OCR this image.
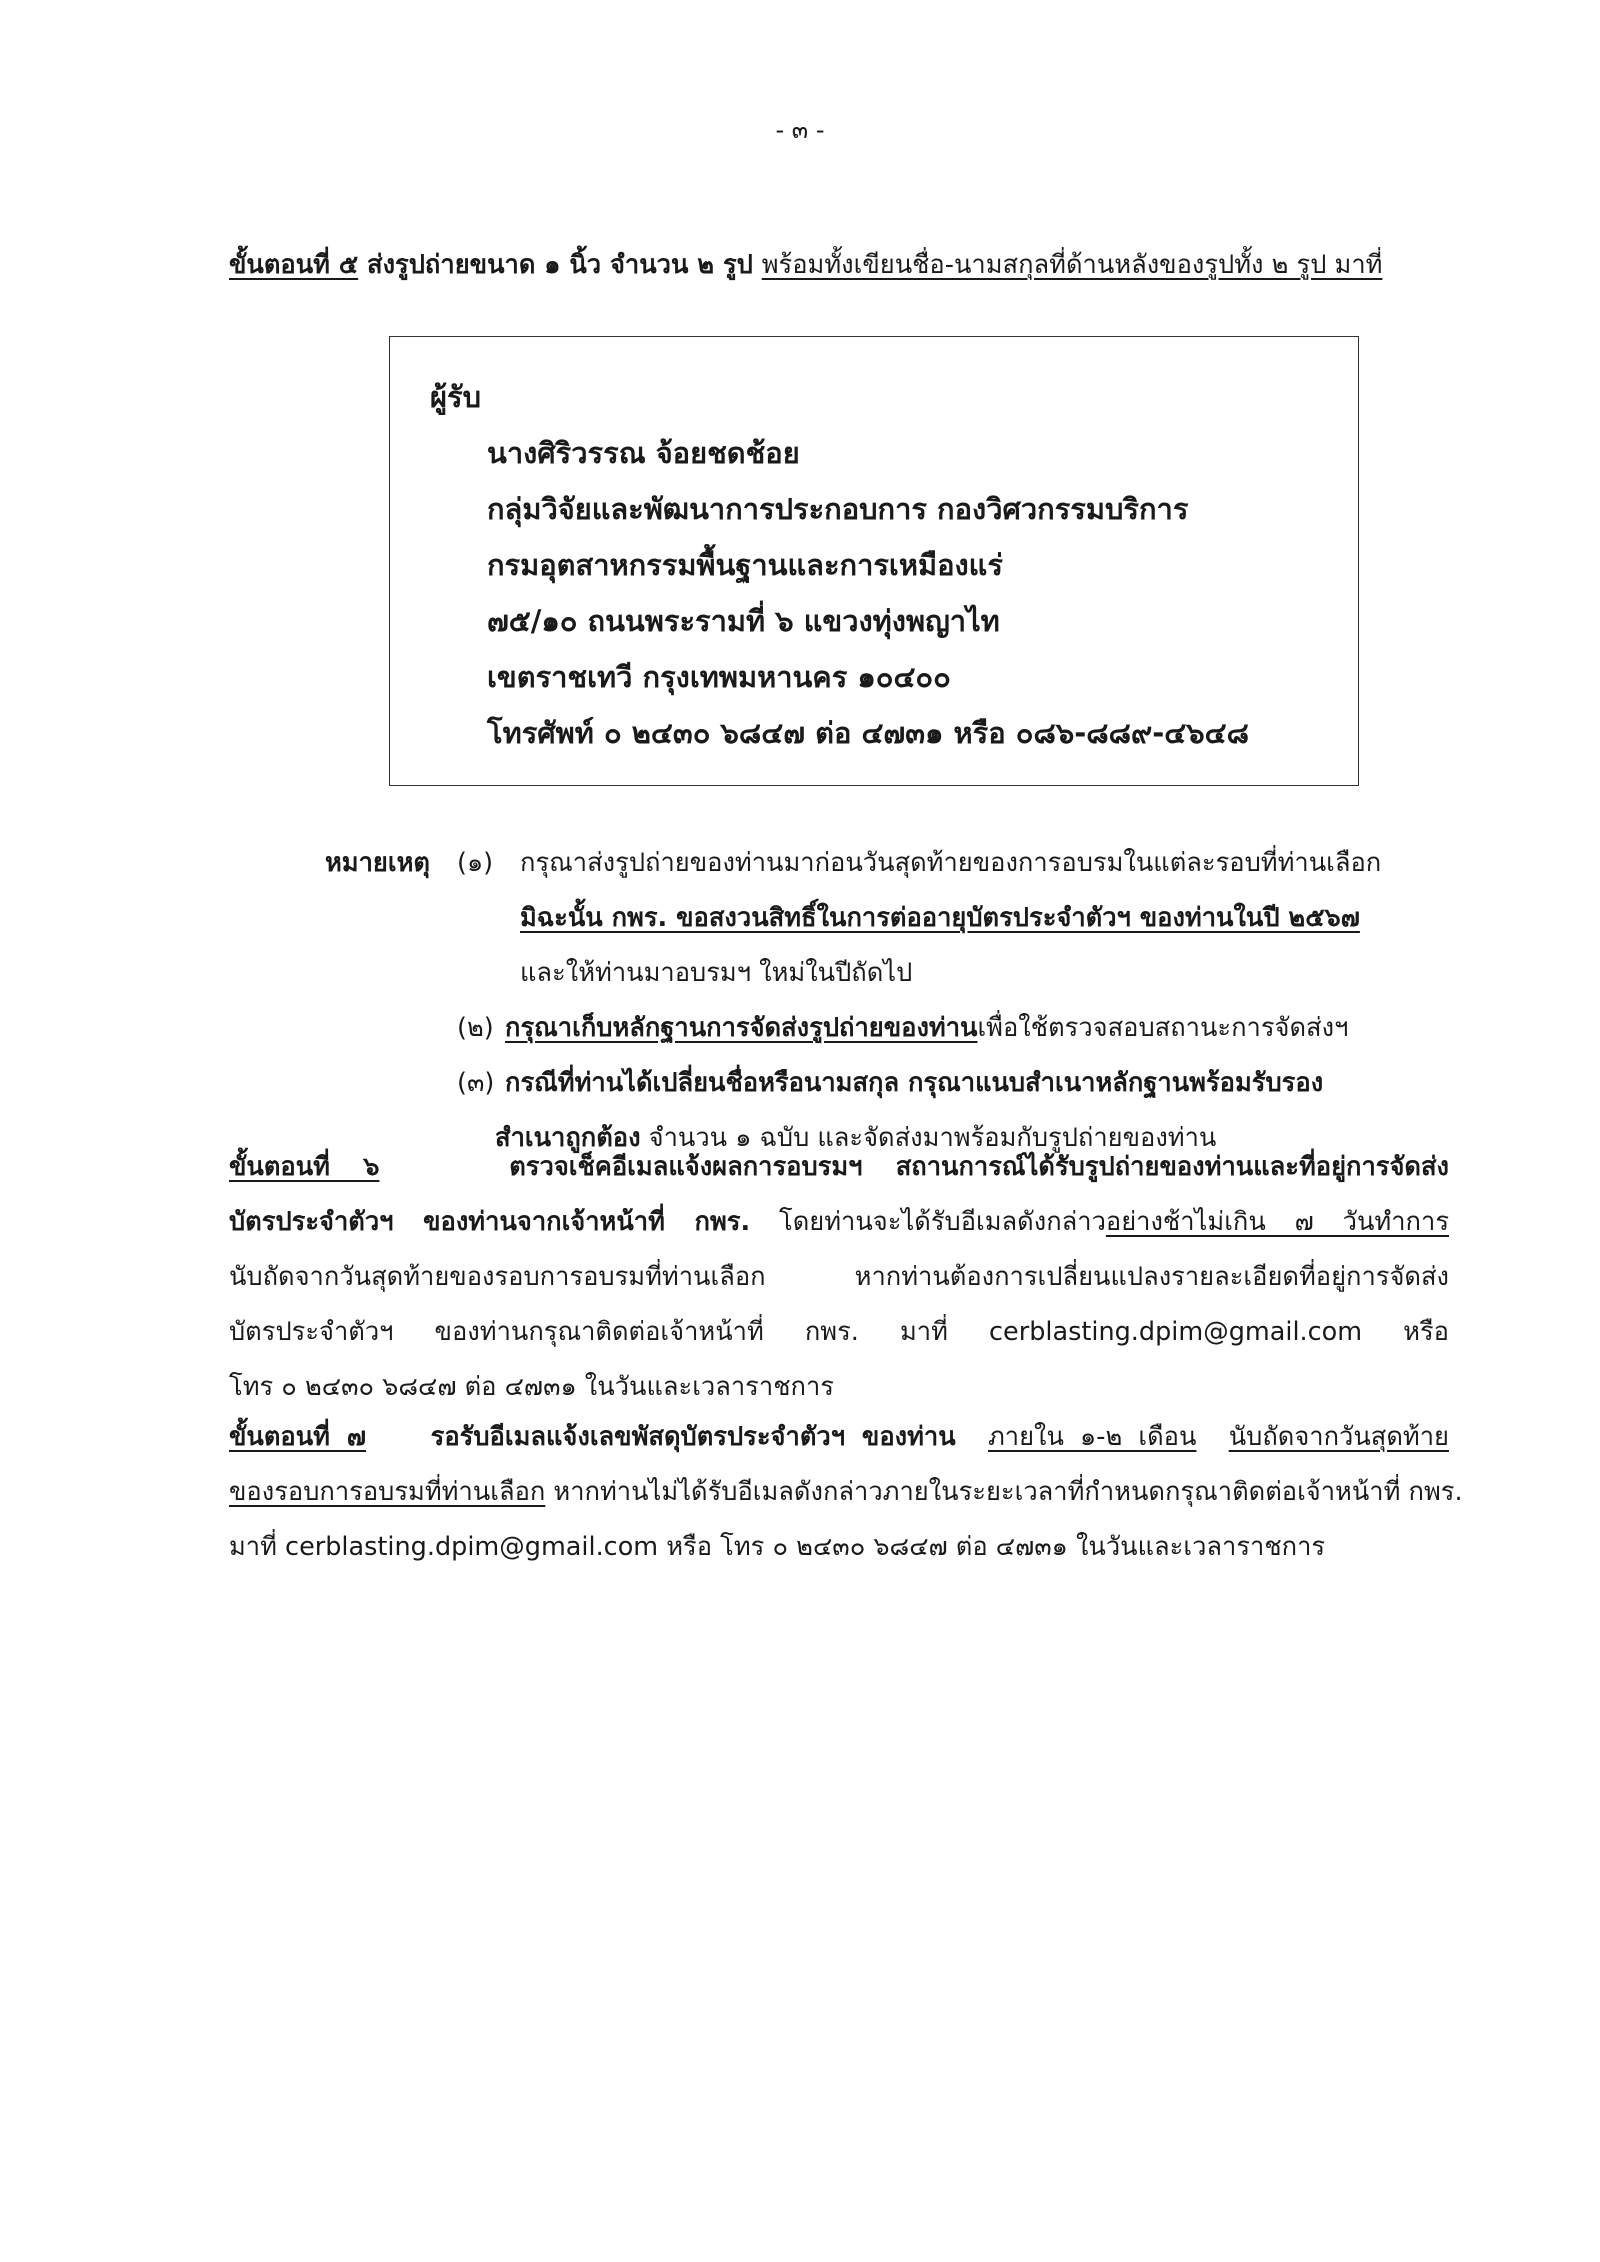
- ๓ -
ขั้นตอนที่ ๕ ส่งรูปถ่ายขนาด ๑ นิ้ว จำนวน ๒ รูป พร้อมทั้งเขียนชื่อ-นามสกุลที่ด้านหลังของรูปทั้ง ๒ รูป มาที่
ผู้รับ
นางศิริวรรณ จ้อยชดช้อย
กลุ่มวิจัยและพัฒนาการประกอบการ กองวิศวกรรมบริการ
กรมอุตสาหกรรมพื้นฐานและการเหมืองแร่
๗๕/๑๐ ถนนพระรามที่ ๖ แขวงทุ่งพญาไท
เขตราชเทวี กรุงเทพมหานคร ๑๐๔๐๐
โทรศัพท์ ๐ ๒๔๓๐ ๖๘๔๗ ต่อ ๔๗๓๑ หรือ ๐๘๖-๘๘๙-๔๖๔๘
หมายเหตุ (๑) กรุณาส่งรูปถ่ายของท่านมาก่อนวันสุดท้ายของการอบรมในแต่ละรอบที่ท่านเลือก
มิฉะนั้น กพร. ขอสงวนสิทธิ์ในการต่ออายุบัตรประจำตัวฯ ของท่านในปี ๒๕๖๗
และให้ท่านมาอบรมฯ ใหม่ในปีถัดไป
(๒) กรุณาเก็บหลักฐานการจัดส่งรูปถ่ายของท่านเพื่อใช้ตรวจสอบสถานะการจัดส่งฯ
(๓) กรณีที่ท่านได้เปลี่ยนชื่อหรือนามสกุล กรุณาแนบสำเนาหลักฐานพร้อมรับรอง
สำเนาถูกต้อง จำนวน ๑ ฉบับ และจัดส่งมาพร้อมกับรูปถ่ายของท่าน
ขั้นตอนที่ ๖	ตรวจเช็คอีเมลแจ้งผลการอบรมฯ สถานการณ์ได้รับรูปถ่ายของท่านและที่อยู่การจัดส่ง
บัตรประจำตัวฯ ของท่านจากเจ้าหน้าที่ กพร. โดยท่านจะได้รับอีเมลดังกล่าวอย่างช้าไม่เกิน ๗ วันทำการ
นับถัดจากวันสุดท้ายของรอบการอบรมที่ท่านเลือก หากท่านต้องการเปลี่ยนแปลงรายละเอียดที่อยู่การจัดส่ง
บัตรประจำตัวฯ ของท่านกรุณาติดต่อเจ้าหน้าที่ กพร. มาที่ cerblasting.dpim@gmail.com หรือ
โทร ๐ ๒๔๓๐ ๖๘๔๗ ต่อ ๔๗๓๑ ในวันและเวลาราชการ
ขั้นตอนที่ ๗	รอรับอีเมลแจ้งเลขพัสดุบัตรประจำตัวฯ ของท่าน ภายใน ๑-๒ เดือน นับถัดจากวันสุดท้าย
ของรอบการอบรมที่ท่านเลือก หากท่านไม่ได้รับอีเมลดังกล่าวภายในระยะเวลาที่กำหนดกรุณาติดต่อเจ้าหน้าที่ กพร.
มาที่ cerblasting.dpim@gmail.com หรือ โทร ๐ ๒๔๓๐ ๖๘๔๗ ต่อ ๔๗๓๑ ในวันและเวลาราชการ
